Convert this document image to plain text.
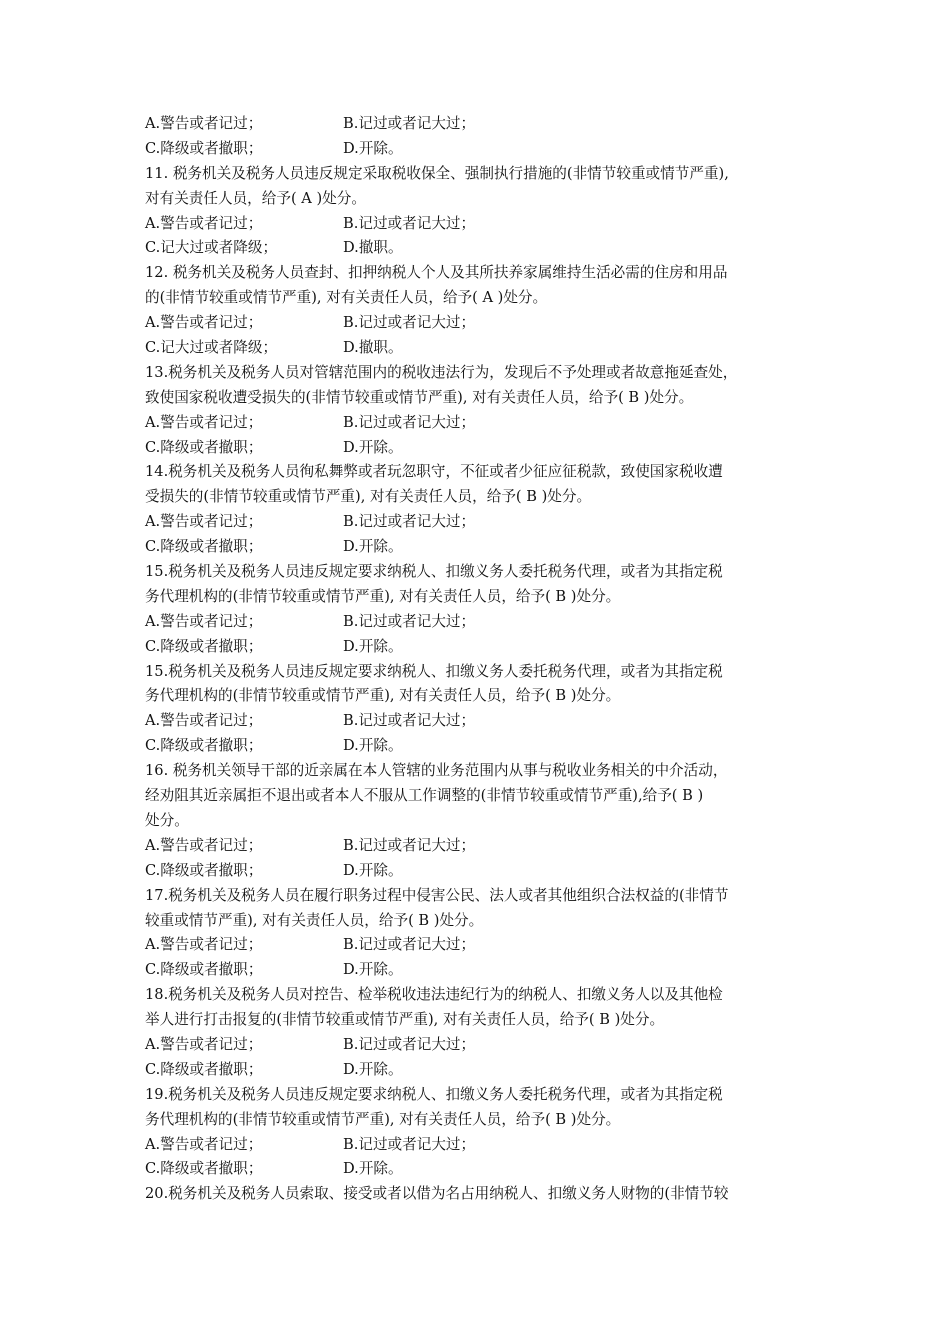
A.警告或者记过；	B.记过或者记大过；
C.降级或者撤职；	D.开除。
11. 税务机关及税务人员违反规定采取税收保全、强制执行措施的(非情节较重或情节严重),
对有关责任人员，给予( A )处分。
A.警告或者记过；	B.记过或者记大过；
C.记大过或者降级；	D.撤职。
12. 税务机关及税务人员查封、扣押纳税人个人及其所扶养家属维持生活必需的住房和用品
的(非情节较重或情节严重), 对有关责任人员，给予( A )处分。
A.警告或者记过；	B.记过或者记大过；
C.记大过或者降级；	D.撤职。
13.税务机关及税务人员对管辖范围内的税收违法行为，发现后不予处理或者故意拖延查处，
致使国家税收遭受损失的(非情节较重或情节严重), 对有关责任人员，给予( B )处分。
A.警告或者记过；	B.记过或者记大过；
C.降级或者撤职；	D.开除。
14.税务机关及税务人员徇私舞弊或者玩忽职守，不征或者少征应征税款，致使国家税收遭
受损失的(非情节较重或情节严重), 对有关责任人员，给予( B )处分。
A.警告或者记过；	B.记过或者记大过；
C.降级或者撤职；	D.开除。
15.税务机关及税务人员违反规定要求纳税人、扣缴义务人委托税务代理，或者为其指定税
务代理机构的(非情节较重或情节严重), 对有关责任人员，给予( B )处分。
A.警告或者记过；	B.记过或者记大过；
C.降级或者撤职；	D.开除。
15.税务机关及税务人员违反规定要求纳税人、扣缴义务人委托税务代理，或者为其指定税
务代理机构的(非情节较重或情节严重), 对有关责任人员，给予( B )处分。
A.警告或者记过；	B.记过或者记大过；
C.降级或者撤职；	D.开除。
16. 税务机关领导干部的近亲属在本人管辖的业务范围内从事与税收业务相关的中介活动，
经劝阻其近亲属拒不退出或者本人不服从工作调整的(非情节较重或情节严重),给予( B )
处分。
A.警告或者记过；	B.记过或者记大过；
C.降级或者撤职；	D.开除。
17.税务机关及税务人员在履行职务过程中侵害公民、法人或者其他组织合法权益的(非情节
较重或情节严重), 对有关责任人员，给予( B )处分。
A.警告或者记过；	B.记过或者记大过；
C.降级或者撤职；	D.开除。
18.税务机关及税务人员对控告、检举税收违法违纪行为的纳税人、扣缴义务人以及其他检
举人进行打击报复的(非情节较重或情节严重), 对有关责任人员，给予( B )处分。
A.警告或者记过；	B.记过或者记大过；
C.降级或者撤职；	D.开除。
19.税务机关及税务人员违反规定要求纳税人、扣缴义务人委托税务代理，或者为其指定税
务代理机构的(非情节较重或情节严重), 对有关责任人员，给予( B )处分。
A.警告或者记过；	B.记过或者记大过；
C.降级或者撤职；	D.开除。
20.税务机关及税务人员索取、接受或者以借为名占用纳税人、扣缴义务人财物的(非情节较
